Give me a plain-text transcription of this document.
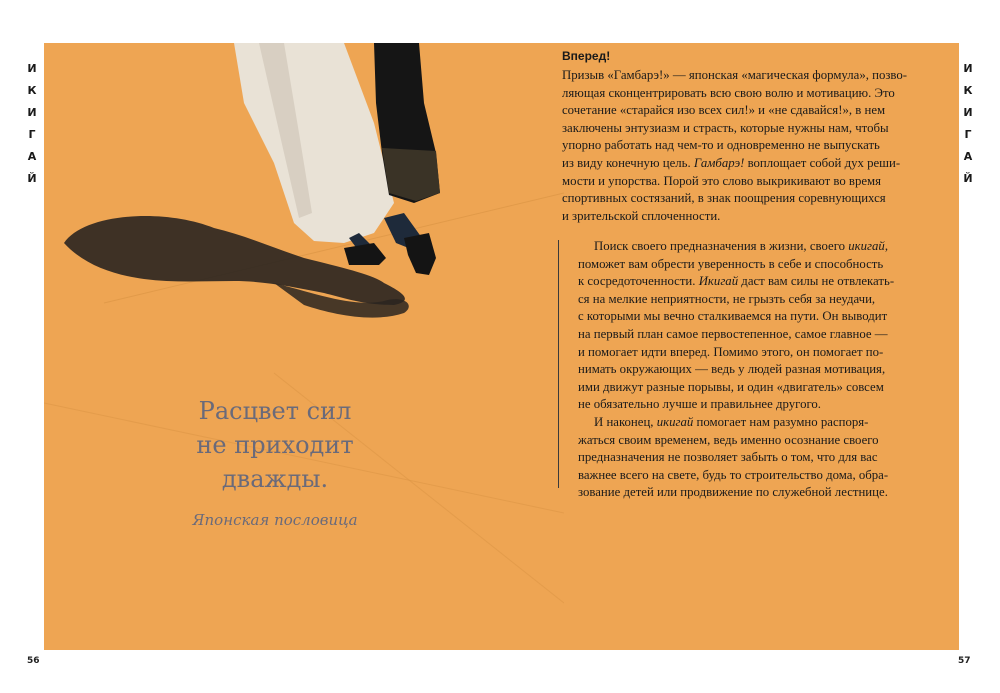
И
К
И
Г
А
Й
И
К
И
Г
А
Й
56	57
Расцвет сил
не приходит
дважды.
Японская пословица
Вперед!
Призыв «Гамбарэ!» — японская «магическая формула», позво-
ляющая сконцентрировать всю свою волю и мотивацию. Это
сочетание «старайся изо всех сил!» и «не сдавайся!», в нем
заключены энтузиазм и страсть, которые нужны нам, чтобы
упорно работать над чем-то и одновременно не выпускать
из виду конечную цель. Гамбарэ! воплощает собой дух реши-
мости и упорства. Порой это слово выкрикивают во время
спортивных состязаний, в знак поощрения соревнующихся
и зрительской сплоченности.
Поиск своего предназначения в жизни, своего икигай,
поможет вам обрести уверенность в себе и способность
к сосредоточенности. Икигай даст вам силы не отвлекать-
ся на мелкие неприятности, не грызть себя за неудачи,
с которыми мы вечно сталкиваемся на пути. Он выводит
на первый план самое первостепенное, самое главное —
и помогает идти вперед. Помимо этого, он помогает по-
нимать окружающих — ведь у людей разная мотивация,
ими движут разные порывы, и один «двигатель» совсем
не обязательно лучше и правильнее другого.
И наконец, икигай помогает нам разумно распоря-
жаться своим временем, ведь именно осознание своего
предназначения не позволяет забыть о том, что для вас
важнее всего на свете, будь то строительство дома, обра-
зование детей или продвижение по служебной лестнице.
